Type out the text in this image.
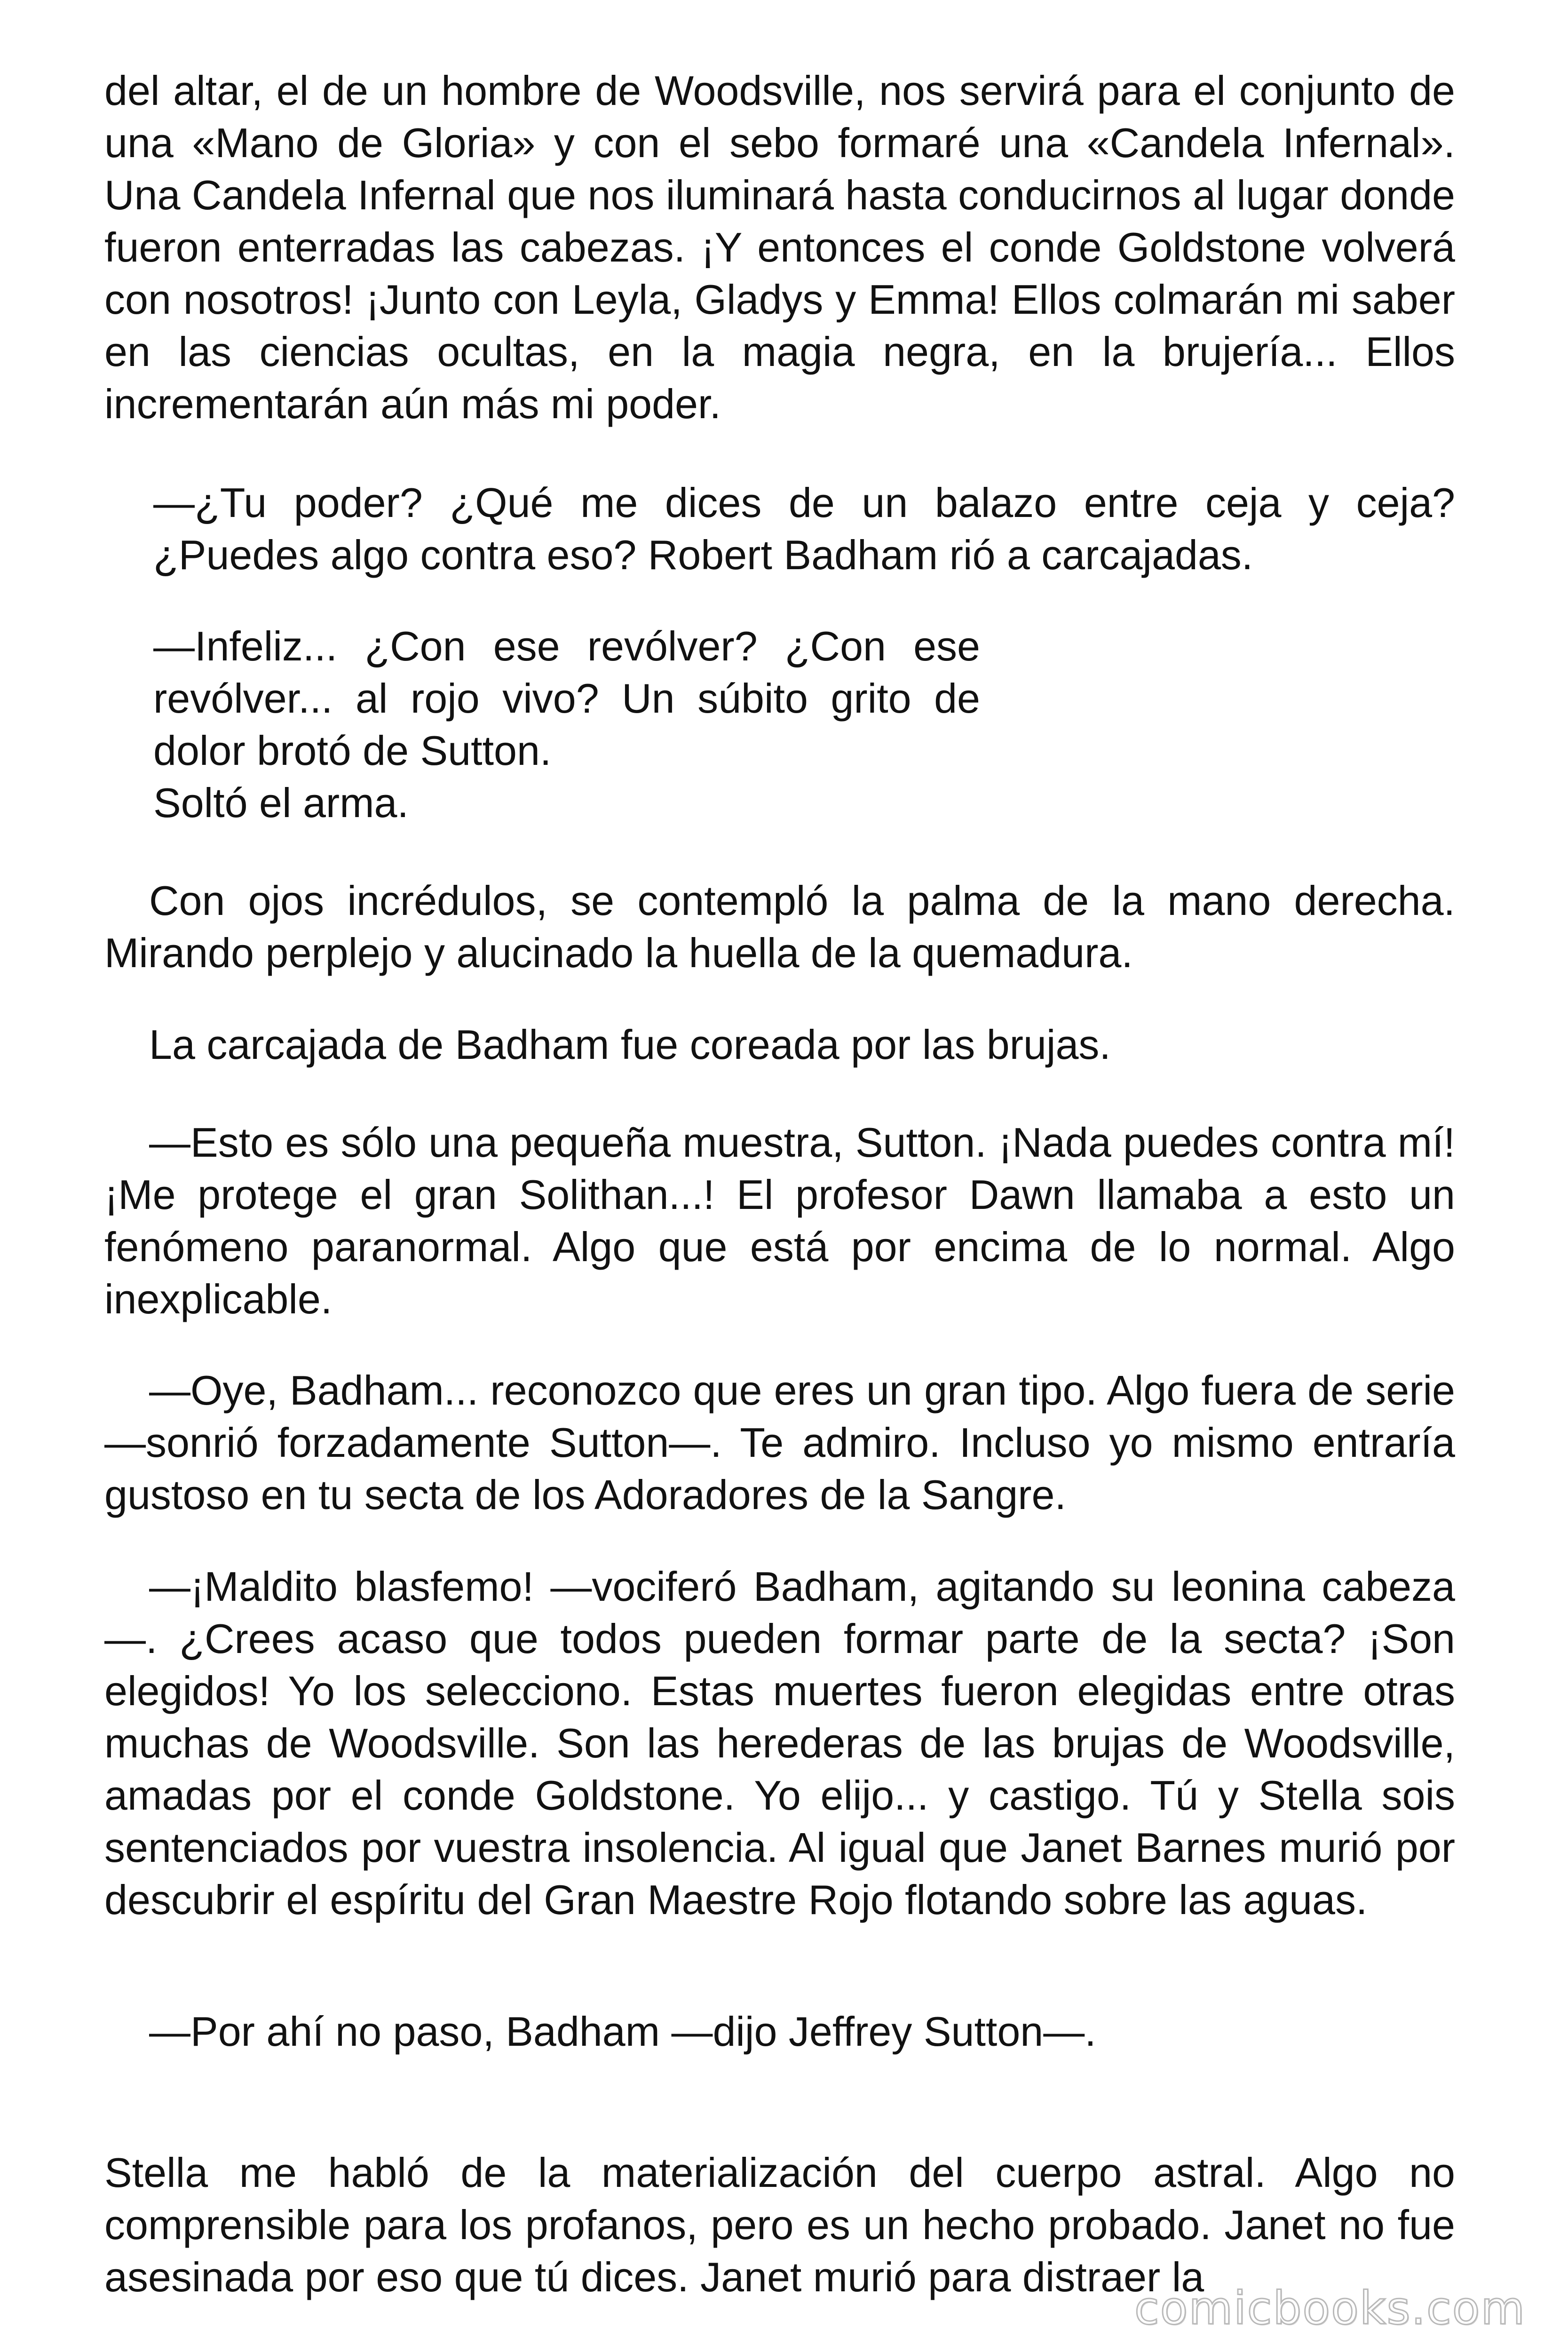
del altar, el de un hombre de Woodsville, nos servirá para el conjunto de una «Mano de Gloria» y con el sebo formaré una «Candela Infernal». Una Candela Infernal que nos iluminará hasta conducirnos al lugar donde fueron enterradas las cabezas. ¡Y entonces el conde Goldstone volverá con nosotros! ¡Junto con Leyla, Gladys y Emma! Ellos colmarán mi saber en las ciencias ocultas, en la magia negra, en la brujería... Ellos incrementarán aún más mi poder.

—¿Tu poder? ¿Qué me dices de un balazo entre ceja y ceja? ¿Puedes algo contra eso? Robert Badham rió a carcajadas.

—Infeliz... ¿Con ese revólver? ¿Con ese revólver... al rojo vivo? Un súbito grito de dolor brotó de Sutton.

Soltó el arma.

Con ojos incrédulos, se contempló la palma de la mano derecha. Mirando perplejo y alucinado la huella de la quemadura.

La carcajada de Badham fue coreada por las brujas.

—Esto es sólo una pequeña muestra, Sutton. ¡Nada puedes contra mí! ¡Me protege el gran Solithan...! El profesor Dawn llamaba a esto un fenómeno paranormal. Algo que está por encima de lo normal. Algo inexplicable.

—Oye, Badham... reconozco que eres un gran tipo. Algo fuera de serie —sonrió forzadamente Sutton—. Te admiro. Incluso yo mismo entraría gustoso en tu secta de los Adoradores de la Sangre.

—¡Maldito blasfemo! —vociferó Badham, agitando su leonina cabeza—. ¿Crees acaso que todos pueden formar parte de la secta? ¡Son elegidos! Yo los selecciono. Estas muertes fueron elegidas entre otras muchas de Woodsville. Son las herederas de las brujas de Woodsville, amadas por el conde Goldstone. Yo elijo... y castigo. Tú y Stella sois sentenciados por vuestra insolencia. Al igual que Janet Barnes murió por descubrir el espíritu del Gran Maestre Rojo flotando sobre las aguas.

—Por ahí no paso, Badham —dijo Jeffrey Sutton—.

Stella me habló de la materialización del cuerpo astral. Algo no comprensible para los profanos, pero es un hecho probado. Janet no fue asesinada por eso que tú dices. Janet murió para distraer la

comicbooks.com
